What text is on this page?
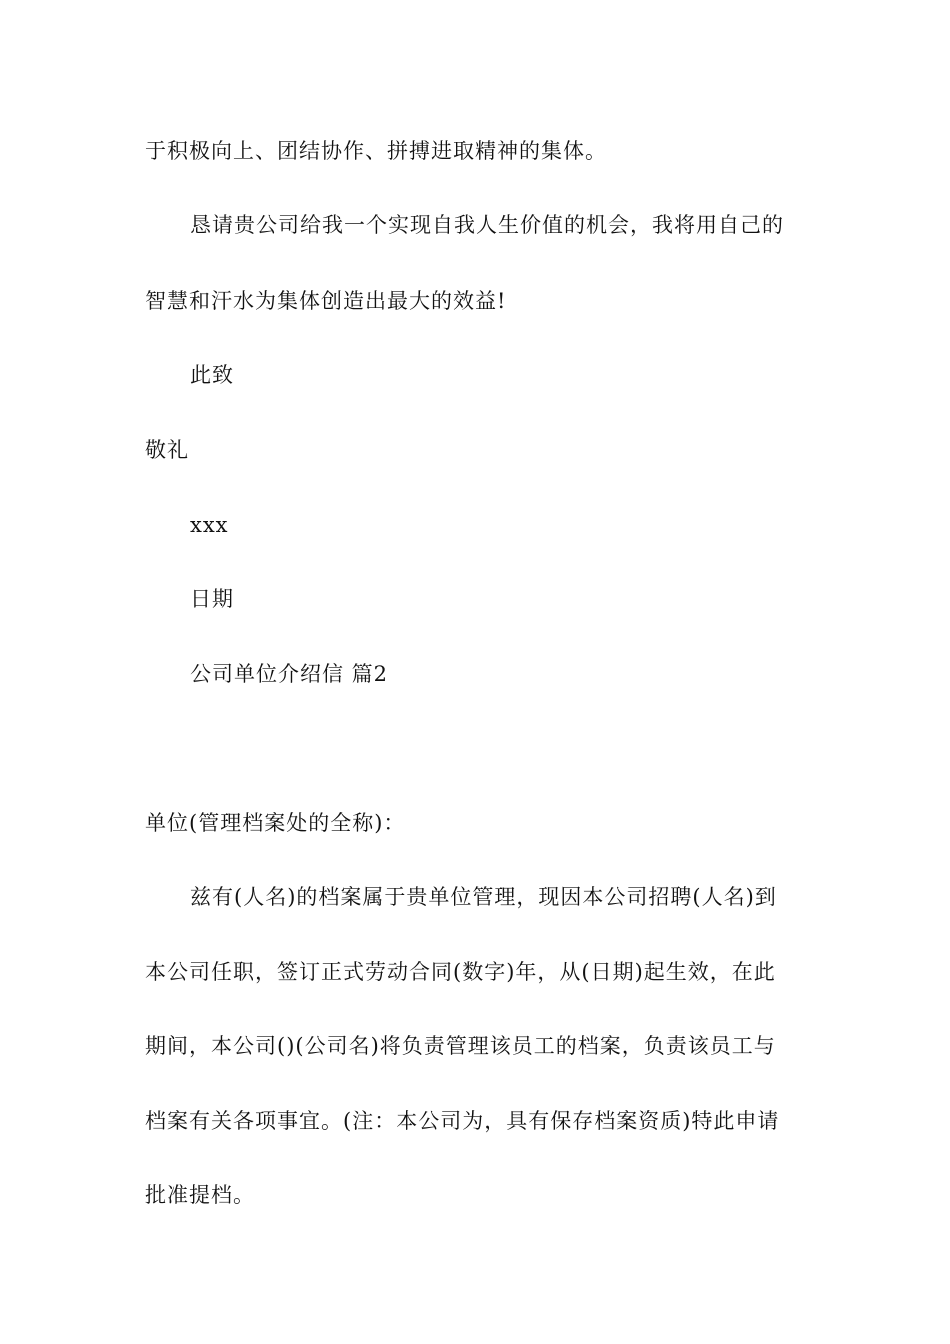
于积极向上、团结协作、拼搏进取精神的集体。
恳请贵公司给我一个实现自我人生价值的机会，我将用自己的
智慧和汗水为集体创造出最大的效益!
此致
敬礼
xxx
日期
公司单位介绍信 篇2
单位(管理档案处的全称)：
兹有(人名)的档案属于贵单位管理，现因本公司招聘(人名)到
本公司任职，签订正式劳动合同(数字)年，从(日期)起生效，在此
期间，本公司()(公司名)将负责管理该员工的档案，负责该员工与
档案有关各项事宜。(注：本公司为，具有保存档案资质)特此申请
批准提档。
